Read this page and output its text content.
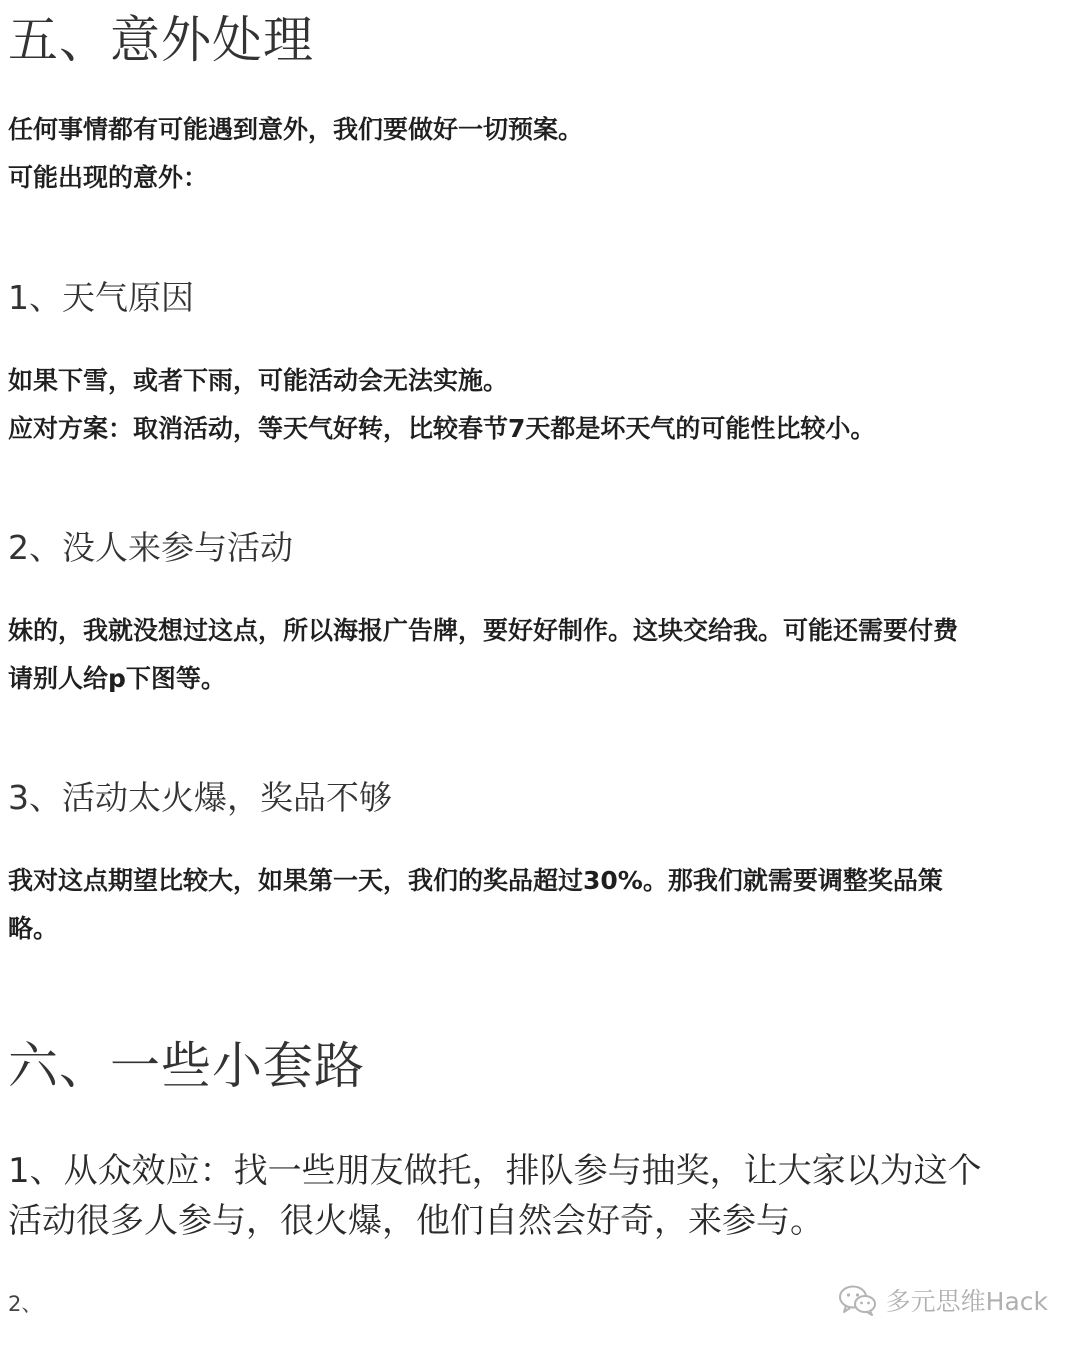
五、意外处理

任何事情都有可能遇到意外，我们要做好一切预案。

可能出现的意外：

1、天气原因

如果下雪，或者下雨，可能活动会无法实施。

应对方案：取消活动，等天气好转，比较春节7天都是坏天气的可能性比较小。

2、没人来参与活动

妹的，我就没想过这点，所以海报广告牌，要好好制作。这块交给我。可能还需要付费

请别人给p下图等。

3、活动太火爆，奖品不够

我对这点期望比较大，如果第一天，我们的奖品超过30%。那我们就需要调整奖品策

略。

六、一些小套路

1、从众效应：找一些朋友做托，排队参与抽奖，让大家以为这个

活动很多人参与，很火爆，他们自然会好奇，来参与。

2、	多元思维Hack
